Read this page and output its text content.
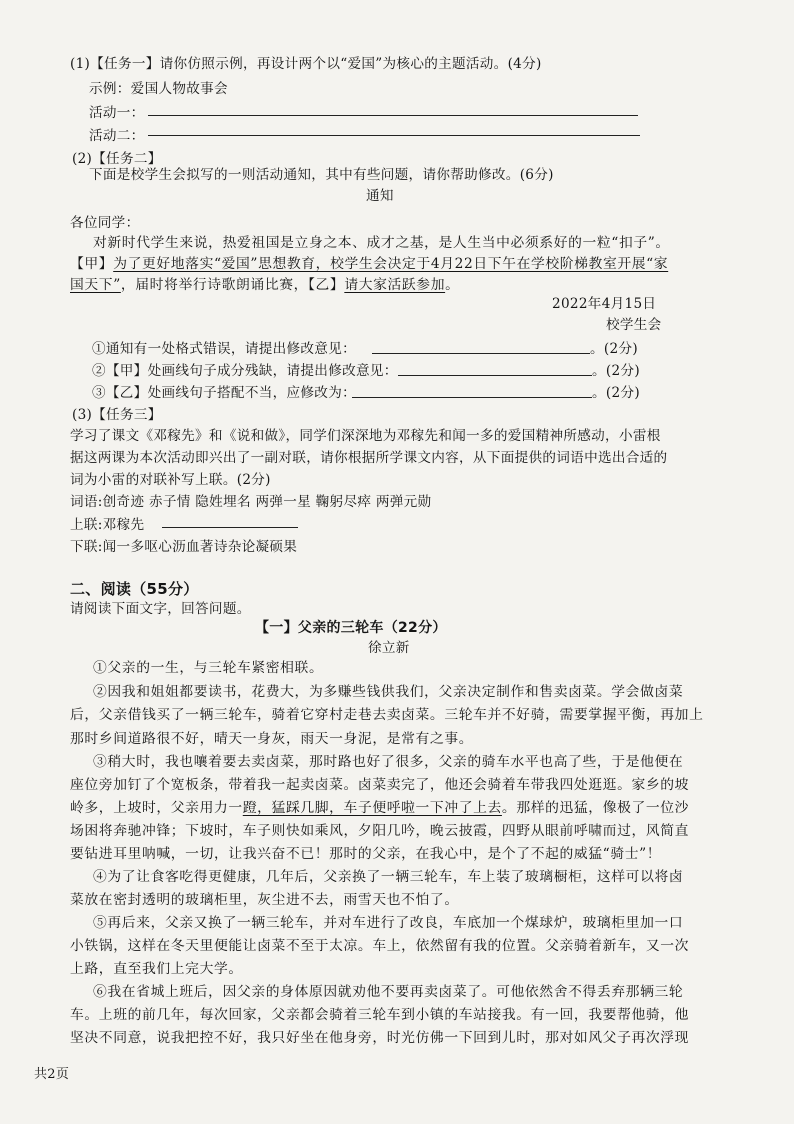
(1)【任务一】请你仿照示例，再设计两个以“爱国”为核心的主题活动。(4分)
示例：爱国人物故事会
活动一：
活动二：
(2)【任务二】
下面是校学生会拟写的一则活动通知，其中有些问题，请你帮助修改。(6分)
通知
各位同学：
对新时代学生来说，热爱祖国是立身之本、成才之基，是人生当中必须系好的一粒“扣子”。
【甲】为了更好地落实“爱国”思想教育，校学生会决定于4月22日下午在学校阶梯教室开展“家
国天下”，届时将举行诗歌朗诵比赛，【乙】请大家活跃参加。
2022年4月15日
校学生会
①通知有一处格式错误，请提出修改意见：	。(2分)
②【甲】处画线句子成分残缺，请提出修改意见：	。(2分)
③【乙】处画线句子搭配不当，应修改为：	。(2分)
(3)【任务三】
学习了课文《邓稼先》和《说和做》，同学们深深地为邓稼先和闻一多的爱国精神所感动，小雷根
据这两课为本次活动即兴出了一副对联，请你根据所学课文内容，从下面提供的词语中选出合适的
词为小雷的对联补写上联。(2分)
词语:创奇迹 赤子情 隐姓埋名 两弹一星 鞠躬尽瘁 两弹元勋
上联:邓稼先
下联:闻一多呕心沥血著诗杂论凝硕果
二、阅读（55分）
请阅读下面文字，回答问题。
【一】父亲的三轮车（22分）
徐立新
①父亲的一生，与三轮车紧密相联。
②因我和姐姐都要读书，花费大，为多赚些钱供我们，父亲决定制作和售卖卤菜。学会做卤菜
后，父亲借钱买了一辆三轮车，骑着它穿村走巷去卖卤菜。三轮车并不好骑，需要掌握平衡，再加上
那时乡间道路很不好，晴天一身灰，雨天一身泥，是常有之事。
③稍大时，我也嚷着要去卖卤菜，那时路也好了很多，父亲的骑车水平也高了些，于是他便在
座位旁加钉了个宽板条，带着我一起卖卤菜。卤菜卖完了，他还会骑着车带我四处逛逛。家乡的坡
岭多，上坡时，父亲用力一蹬，猛踩几脚，车子便呼啦一下冲了上去。那样的迅猛，像极了一位沙
场困将奔驰冲锋；下坡时，车子则快如乘风，夕阳几吟，晚云披霞，四野从眼前呼啸而过，风简直
要钻进耳里呐喊，一切，让我兴奋不已！那时的父亲，在我心中，是个了不起的威猛“骑士”！
④为了让食客吃得更健康，几年后，父亲换了一辆三轮车，车上装了玻璃橱柜，这样可以将卤
菜放在密封透明的玻璃柜里，灰尘进不去，雨雪天也不怕了。
⑤再后来，父亲又换了一辆三轮车，并对车进行了改良，车底加一个煤球炉，玻璃柜里加一口
小铁锅，这样在冬天里便能让卤菜不至于太凉。车上，依然留有我的位置。父亲骑着新车，又一次
上路，直至我们上完大学。
⑥我在省城上班后，因父亲的身体原因就劝他不要再卖卤菜了。可他依然舍不得丢弃那辆三轮
车。上班的前几年，每次回家，父亲都会骑着三轮车到小镇的车站接我。有一回，我要帮他骑，他
坚决不同意，说我把控不好，我只好坐在他身旁，时光仿佛一下回到儿时，那对如风父子再次浮现
共2页
